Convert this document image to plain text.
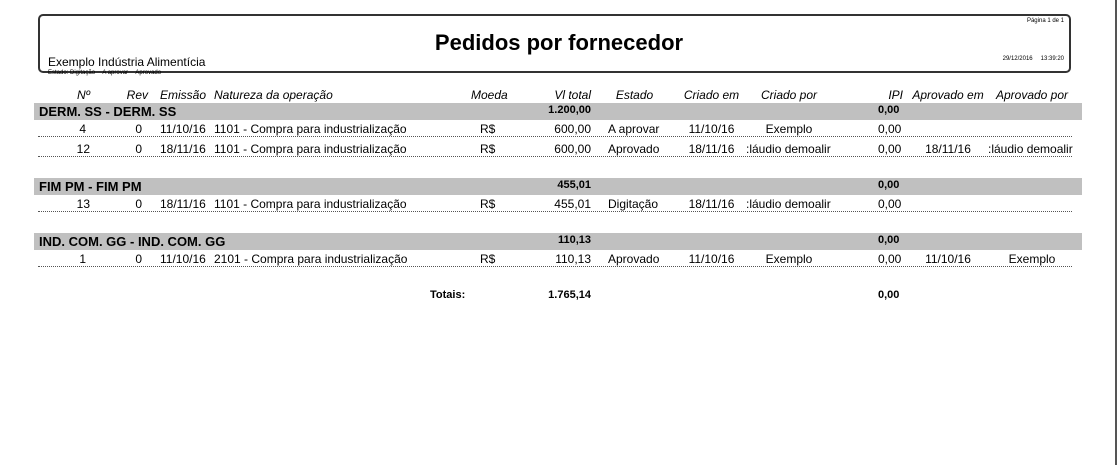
Pedidos por fornecedor
Exemplo Indústria Alimentícia
Estado: Digitação A aprovar Aprovado
Página 1 de 1
29/12/2016 13:39:20
Nº	Rev Emissão Natureza da operação	Moeda	Vl total	Estado	Criado em	Criado por	IPI Aprovado em	Aprovado por
DERM. SS - DERM. SS	1.200,00	0,00
4	0 11/10/16 1101 - Compra para industrialização	R$	600,00 A aprovar	11/10/16	Exemplo	0,00
12	0 18/11/16 1101 - Compra para industrialização	R$	600,00 Aprovado	18/11/16 :láudio demoalir	0,00	18/11/16	:láudio demoalir
FIM PM - FIM PM	455,01	0,00
13	0 18/11/16 1101 - Compra para industrialização	R$	455,01 Digitação	18/11/16 :láudio demoalir	0,00
IND. COM. GG - IND. COM. GG	110,13	0,00
1	0 11/10/16 2101 - Compra para industrialização	R$	110,13 Aprovado	11/10/16	Exemplo	0,00	11/10/16	Exemplo
Totais:	1.765,14	0,00
